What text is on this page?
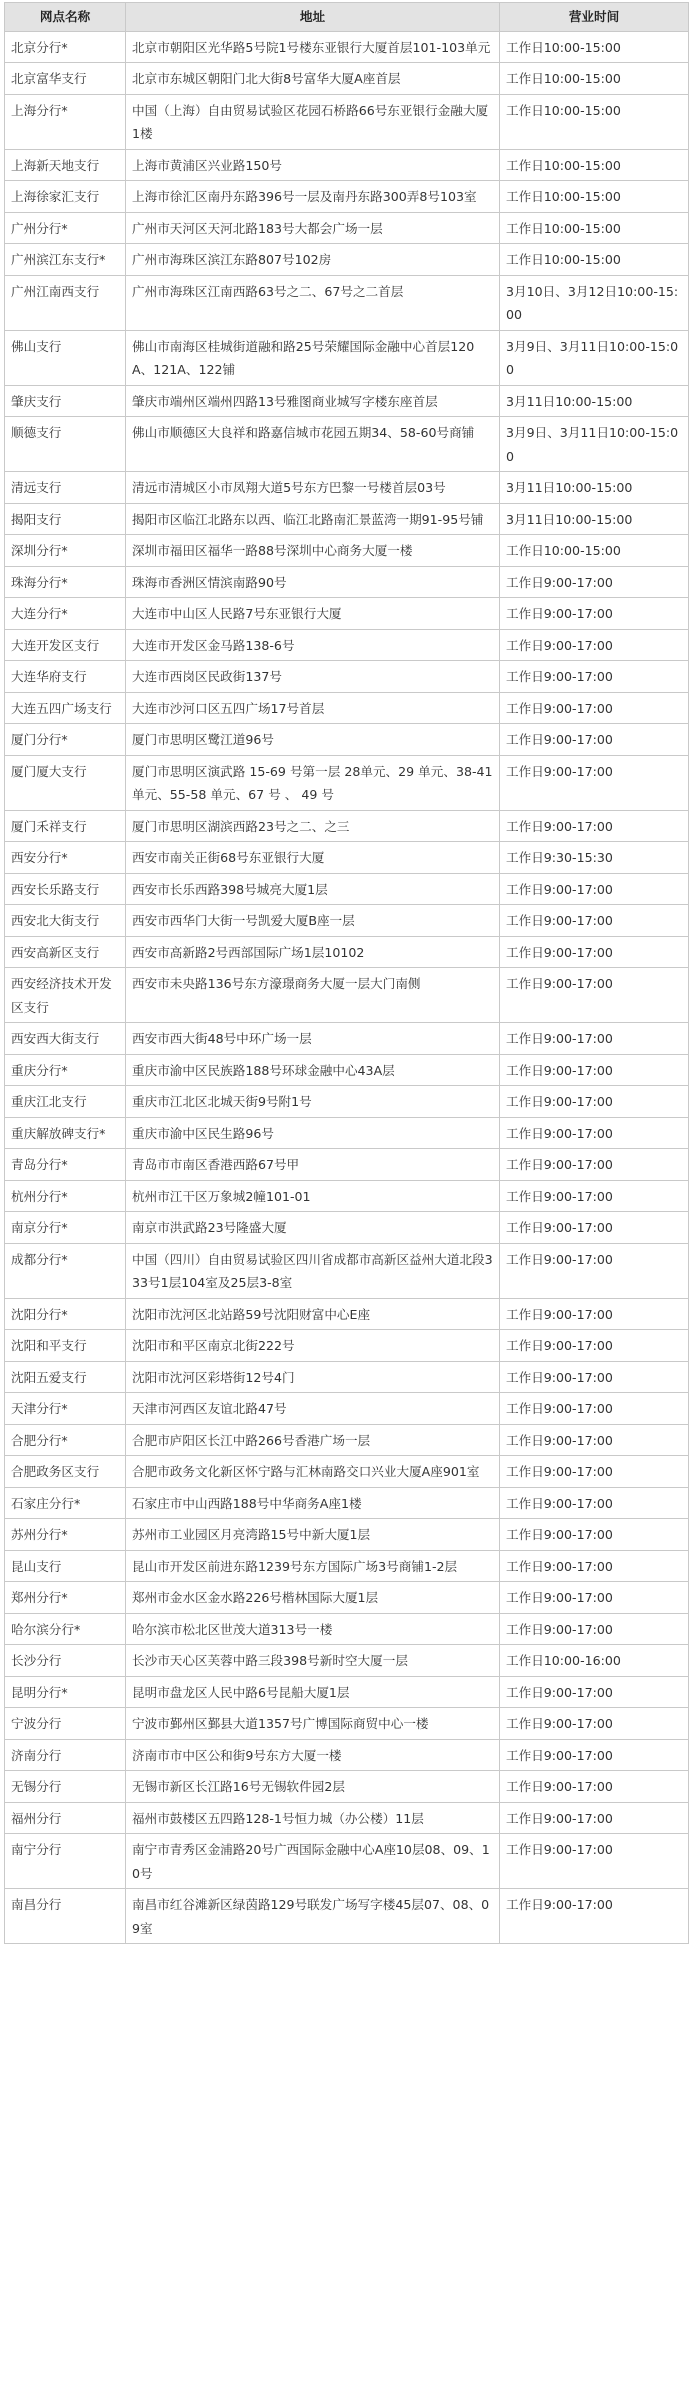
网点名称	地址	营业时间
北京分行*	北京市朝阳区光华路5号院1号楼东亚银行大厦首层101-103单元	工作日10:00-15:00
北京富华支行	北京市东城区朝阳门北大街8号富华大厦A座首层	工作日10:00-15:00
上海分行*	中国（上海）自由贸易试验区花园石桥路66号东亚银行金融大厦1楼	工作日10:00-15:00
上海新天地支行	上海市黄浦区兴业路150号	工作日10:00-15:00
上海徐家汇支行	上海市徐汇区南丹东路396号一层及南丹东路300弄8号103室	工作日10:00-15:00
广州分行*	广州市天河区天河北路183号大都会广场一层	工作日10:00-15:00
广州滨江东支行*	广州市海珠区滨江东路807号102房	工作日10:00-15:00
广州江南西支行	广州市海珠区江南西路63号之二、67号之二首层	3月10日、3月12日10:00-15:00
佛山支行	佛山市南海区桂城街道融和路25号荣耀国际金融中心首层120A、121A、122铺	3月9日、3月11日10:00-15:00
肇庆支行	肇庆市端州区端州四路13号雅图商业城写字楼东座首层	3月11日10:00-15:00
顺德支行	佛山市顺德区大良祥和路嘉信城市花园五期34、58-60号商铺	3月9日、3月11日10:00-15:00
清远支行	清远市清城区小市凤翔大道5号东方巴黎一号楼首层03号	3月11日10:00-15:00
揭阳支行	揭阳市区临江北路东以西、临江北路南汇景蓝湾一期91-95号铺	3月11日10:00-15:00
深圳分行*	深圳市福田区福华一路88号深圳中心商务大厦一楼	工作日10:00-15:00
珠海分行*	珠海市香洲区情滨南路90号	工作日9:00-17:00
大连分行*	大连市中山区人民路7号东亚银行大厦	工作日9:00-17:00
大连开发区支行	大连市开发区金马路138-6号	工作日9:00-17:00
大连华府支行	大连市西岗区民政街137号	工作日9:00-17:00
大连五四广场支行	大连市沙河口区五四广场17号首层	工作日9:00-17:00
厦门分行*	厦门市思明区鹭江道96号	工作日9:00-17:00
厦门厦大支行	厦门市思明区演武路 15-69 号第一层 28单元、29 单元、38-41单元、55-58 单元、67 号 、 49 号	工作日9:00-17:00
厦门禾祥支行	厦门市思明区湖滨西路23号之二、之三	工作日9:00-17:00
西安分行*	西安市南关正街68号东亚银行大厦	工作日9:30-15:30
西安长乐路支行	西安市长乐西路398号城亮大厦1层	工作日9:00-17:00
西安北大街支行	西安市西华门大街一号凯爱大厦B座一层	工作日9:00-17:00
西安高新区支行	西安市高新路2号西部国际广场1层10102	工作日9:00-17:00
西安经济技术开发区支行	西安市未央路136号东方濠璟商务大厦一层大门南侧	工作日9:00-17:00
西安西大街支行	西安市西大街48号中环广场一层	工作日9:00-17:00
重庆分行*	重庆市渝中区民族路188号环球金融中心43A层	工作日9:00-17:00
重庆江北支行	重庆市江北区北城天街9号附1号	工作日9:00-17:00
重庆解放碑支行*	重庆市渝中区民生路96号	工作日9:00-17:00
青岛分行*	青岛市市南区香港西路67号甲	工作日9:00-17:00
杭州分行*	杭州市江干区万象城2幢101-01	工作日9:00-17:00
南京分行*	南京市洪武路23号隆盛大厦	工作日9:00-17:00
成都分行*	中国（四川）自由贸易试验区四川省成都市高新区益州大道北段333号1层104室及25层3-8室	工作日9:00-17:00
沈阳分行*	沈阳市沈河区北站路59号沈阳财富中心E座	工作日9:00-17:00
沈阳和平支行	沈阳市和平区南京北街222号	工作日9:00-17:00
沈阳五爱支行	沈阳市沈河区彩塔街12号4门	工作日9:00-17:00
天津分行*	天津市河西区友谊北路47号	工作日9:00-17:00
合肥分行*	合肥市庐阳区长江中路266号香港广场一层	工作日9:00-17:00
合肥政务区支行	合肥市政务文化新区怀宁路与汇林南路交口兴业大厦A座901室	工作日9:00-17:00
石家庄分行*	石家庄市中山西路188号中华商务A座1楼	工作日9:00-17:00
苏州分行*	苏州市工业园区月亮湾路15号中新大厦1层	工作日9:00-17:00
昆山支行	昆山市开发区前进东路1239号东方国际广场3号商铺1-2层	工作日9:00-17:00
郑州分行*	郑州市金水区金水路226号楷林国际大厦1层	工作日9:00-17:00
哈尔滨分行*	哈尔滨市松北区世茂大道313号一楼	工作日9:00-17:00
长沙分行	长沙市天心区芙蓉中路三段398号新时空大厦一层	工作日10:00-16:00
昆明分行*	昆明市盘龙区人民中路6号昆船大厦1层	工作日9:00-17:00
宁波分行	宁波市鄞州区鄞县大道1357号广博国际商贸中心一楼	工作日9:00-17:00
济南分行	济南市市中区公和街9号东方大厦一楼	工作日9:00-17:00
无锡分行	无锡市新区长江路16号无锡软件园2层	工作日9:00-17:00
福州分行	福州市鼓楼区五四路128-1号恒力城（办公楼）11层	工作日9:00-17:00
南宁分行	南宁市青秀区金浦路20号广西国际金融中心A座10层08、09、10号	工作日9:00-17:00
南昌分行	南昌市红谷滩新区绿茵路129号联发广场写字楼45层07、08、09室	工作日9:00-17:00
